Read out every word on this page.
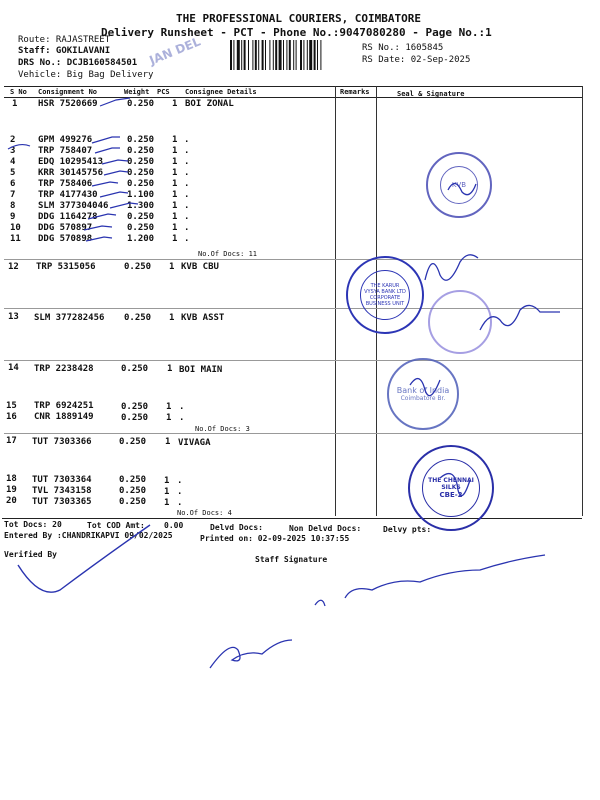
THE PROFESSIONAL COURIERS, COIMBATORE
Delivery Runsheet - PCT - Phone No.:9047080280 - Page No.:1
Route: RAJASTREET
Staff: GOKILAVANI
DRS No.: DCJB160584501
Vehicle: Big Bag Delivery
RS No.: 1605845
RS Date: 02-Sep-2025
JAN DEL
S No Consignment No	Weight PCS Consignee Details	Remarks	Seal & Signature
1 HSR 7520669	0.250 1 BOI ZONAL
2	GPM 499276	0.250 1 .
3	TRP 758407	0.250 1 .
4	EDQ 10295413	0.250 1 .
5	KRR 30145756	0.250 1 .
6	TRP 758406	0.250 1 .
7	TRP 4177430	1.100 1 .
8	SLM 377304046 1.300 1 .
9	DDG 1164278	0.250 1 .
10 DDG 570897	0.250 1 .
11 DDG 570898	1.200 1 .
No.Of Docs: 11
12 TRP 5315056	0.250 1 KVB CBU
13 SLM 377282456 0.250 1 KVB ASST
14 TRP 2238428	0.250 1 BOI MAIN
15 TRP 6924251	0.250 1 .
16 CNR 1889149	0.250 1 .
No.Of Docs: 3
17 TUT 7303366	0.250 1 VIVAGA
18 TUT 7303364	0.250 1 .
19 TVL 7343158	0.250 1 .
20 TUT 7303365	0.250 1 .
No.Of Docs: 4
Tot Docs: 20	Tot COD Amt: 0.00	Delvd Docs:	Non Delvd Docs:	Delvy pts:
Entered By :CHANDRIKAPVI 09/02/2025	Printed on: 02-09-2025 10:37:55
Verified By
Staff Signature
KVB
THE KARUR VYSYA BANK LTD CORPORATE BUSINESS UNIT
Bank of India
Coimbatore Br.
THE CHENNAI SILKS
CBE-2
